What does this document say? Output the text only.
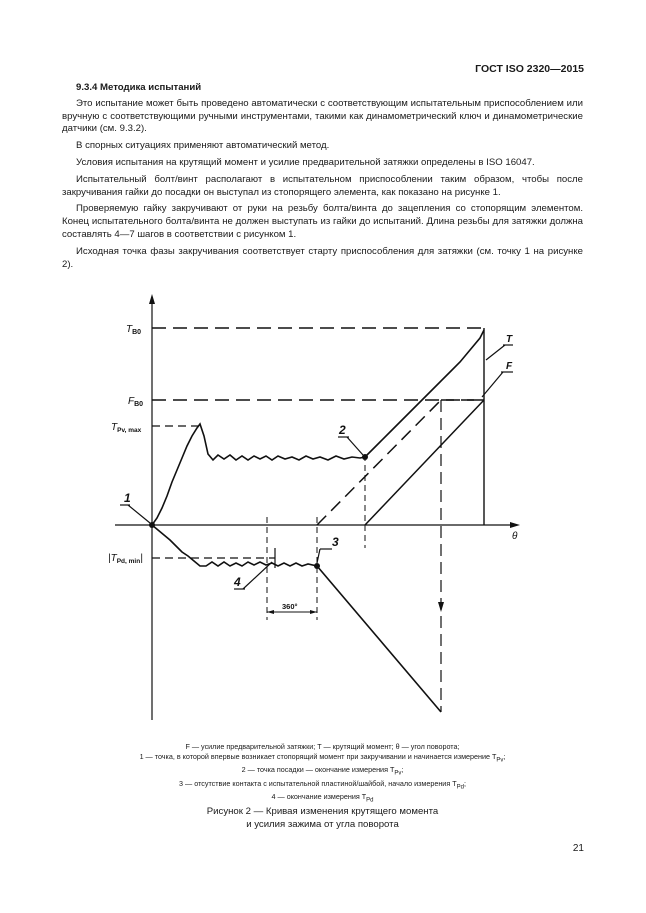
ГОСТ ISO 2320—2015
9.3.4 Методика испытаний

Это испытание может быть проведено автоматически с соответствующим испытательным приспособлением или вручную с соответствующими ручными инструментами, такими как динамометрический ключ и динамометрические датчики (см. 9.3.2).

В спорных ситуациях применяют автоматический метод.

Условия испытания на крутящий момент и усилие предварительной затяжки определены в ISO 16047.

Испытательный болт/винт располагают в испытательном приспособлении таким образом, чтобы после закручивания гайки до посадки он выступал из стопорящего элемента, как показано на рисунке 1.

Проверяемую гайку закручивают от руки на резьбу болта/винта до зацепления со стопорящим элементом. Конец испытательного болта/винта не должен выступать из гайки до испытаний. Длина резьбы для затяжки должна составлять 4—7 шагов в соответствии с рисунком 1.

Исходная точка фазы закручивания соответствует старту приспособления для затяжки (см. точку 1 на рисунке 2).

$T_{B0}$
$F_{B0}$
$T_{Pv, max}$
$|T_{Pd, min}|$
T
F
θ
360°
1
2
3
4
F — усилие предварительной затяжки; T — крутящий момент; θ — угол поворота;
1 — точка, в которой впервые возникает стопорящий момент при закручивании и начинается измерение $T_{Pv}$;
2 — точка посадки — окончание измерения $T_{Pv}$;
3 — отсутствие контакта с испытательной пластиной/шайбой, начало измерения $T_{Pd}$;
4 — окончание измерения $T_{Pd}$
Рисунок 2 — Кривая изменения крутящего момента
и усилия зажима от угла поворота
21
